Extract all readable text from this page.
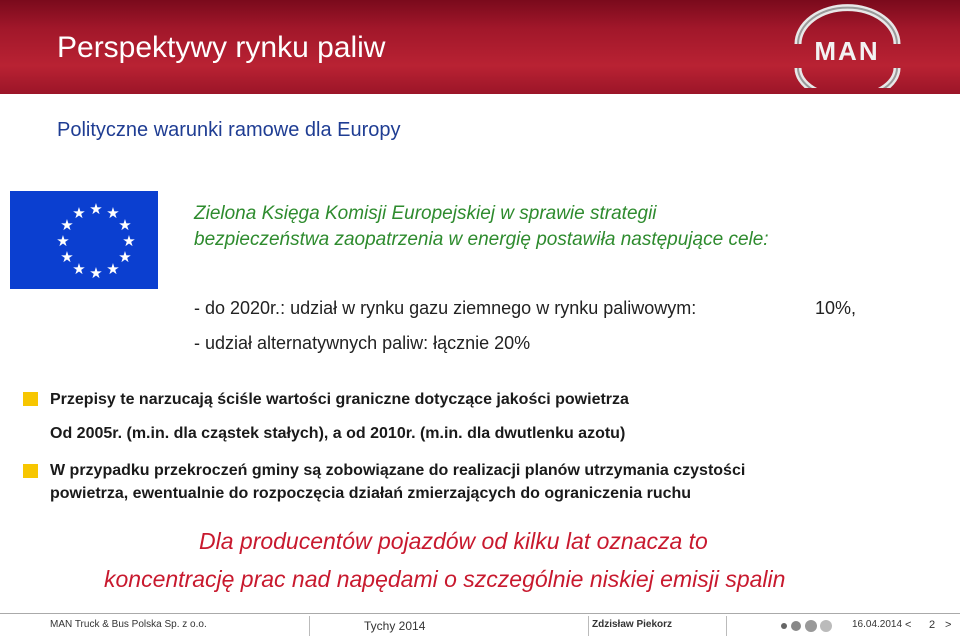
Perspektywy rynku paliw	MAN
Polityczne warunki ramowe dla Europy
★ ★
★
★
★
★
★
★
★
★
★
★	Zielona Księga Komisji Europejskiej w sprawie strategii
bezpieczeństwa zaopatrzenia w energię postawiła następujące cele:
- do 2020r.: udział w rynku gazu ziemnego w rynku paliwowym:	10%,
- udział alternatywnych paliw: łącznie 20%
Przepisy te narzucają ściśle wartości graniczne dotyczące jakości powietrza
Od 2005r. (m.in. dla cząstek stałych), a od 2010r. (m.in. dla dwutlenku azotu)
W przypadku przekroczeń gminy są zobowiązane do realizacji planów utrzymania czystości
powietrza, ewentualnie do rozpoczęcia działań zmierzających do ograniczenia ruchu
Dla producentów pojazdów od kilku lat oznacza to
koncentrację prac nad napędami o szczególnie niskiej emisji spalin
MAN Truck & Bus Polska Sp. z o.o.	Tychy 2014	Zdzisław Piekorz	16.04.2014 < 2 >
